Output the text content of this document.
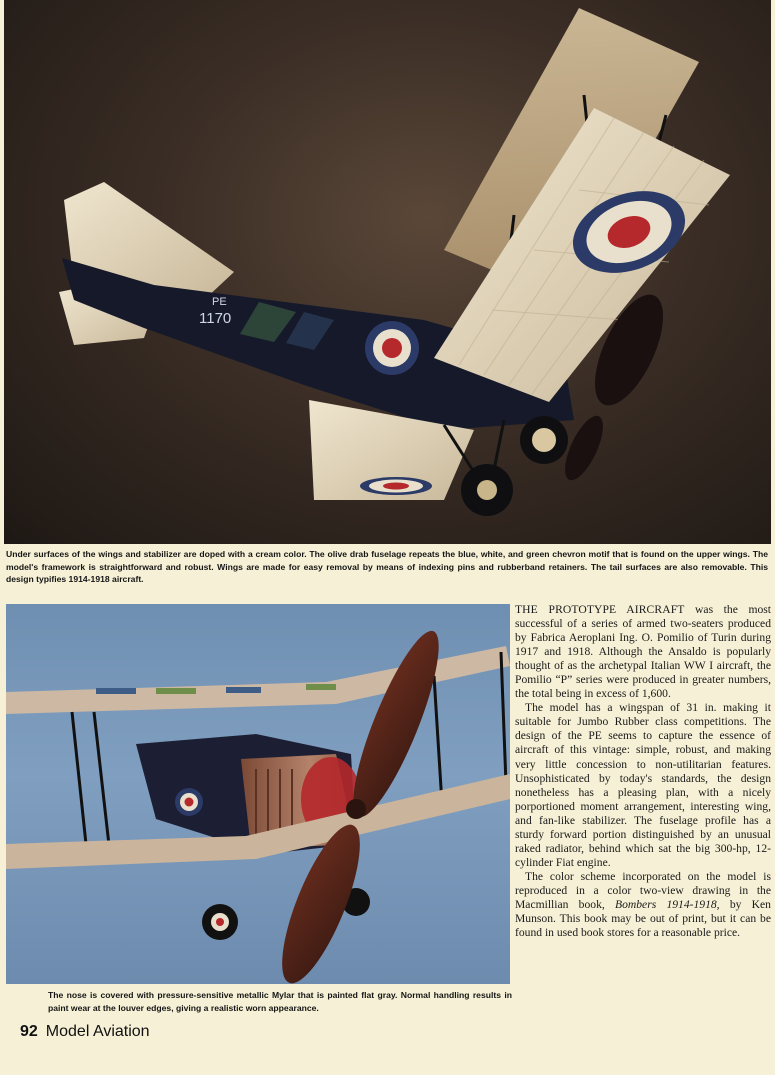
PE
1170

Under surfaces of the wings and stabilizer are doped with a cream color. The olive drab fuselage repeats the blue, white, and green chevron motif that is found on the upper wings. The model's framework is straightforward and robust. Wings are made for easy removal by means of indexing pins and rubberband retainers. The tail surfaces are also removable. This design typifies 1914-1918 aircraft.

The nose is covered with pressure-sensitive metallic Mylar that is painted flat gray. Normal handling results in paint wear at the louver edges, giving a realistic worn appearance.

THE PROTOTYPE AIRCRAFT was the most successful of a series of armed two-seaters produced by Fabrica Aeroplani Ing. O. Pomilio of Turin during 1917 and 1918. Although the Ansaldo is popularly thought of as the archetypal Italian WW I aircraft, the Pomilio “P” series were produced in greater numbers, the total being in excess of 1,600.

The model has a wingspan of 31 in. making it suitable for Jumbo Rubber class competitions. The design of the PE seems to capture the essence of aircraft of this vintage: simple, robust, and making very little concession to non-utilitarian features. Unsophisticated by today's standards, the design nonetheless has a pleasing plan, with a nicely porportioned moment arrangement, interesting wing, and fan-like stabilizer. The fuselage profile has a sturdy forward portion distinguished by an unusual raked radiator, behind which sat the big 300-hp, 12-cylinder Fiat engine.

The color scheme incorporated on the model is reproduced in a color two-view drawing in the Macmillian book, Bombers 1914-1918, by Ken Munson. This book may be out of print, but it can be found in used book stores for a reasonable price.

92 Model Aviation
